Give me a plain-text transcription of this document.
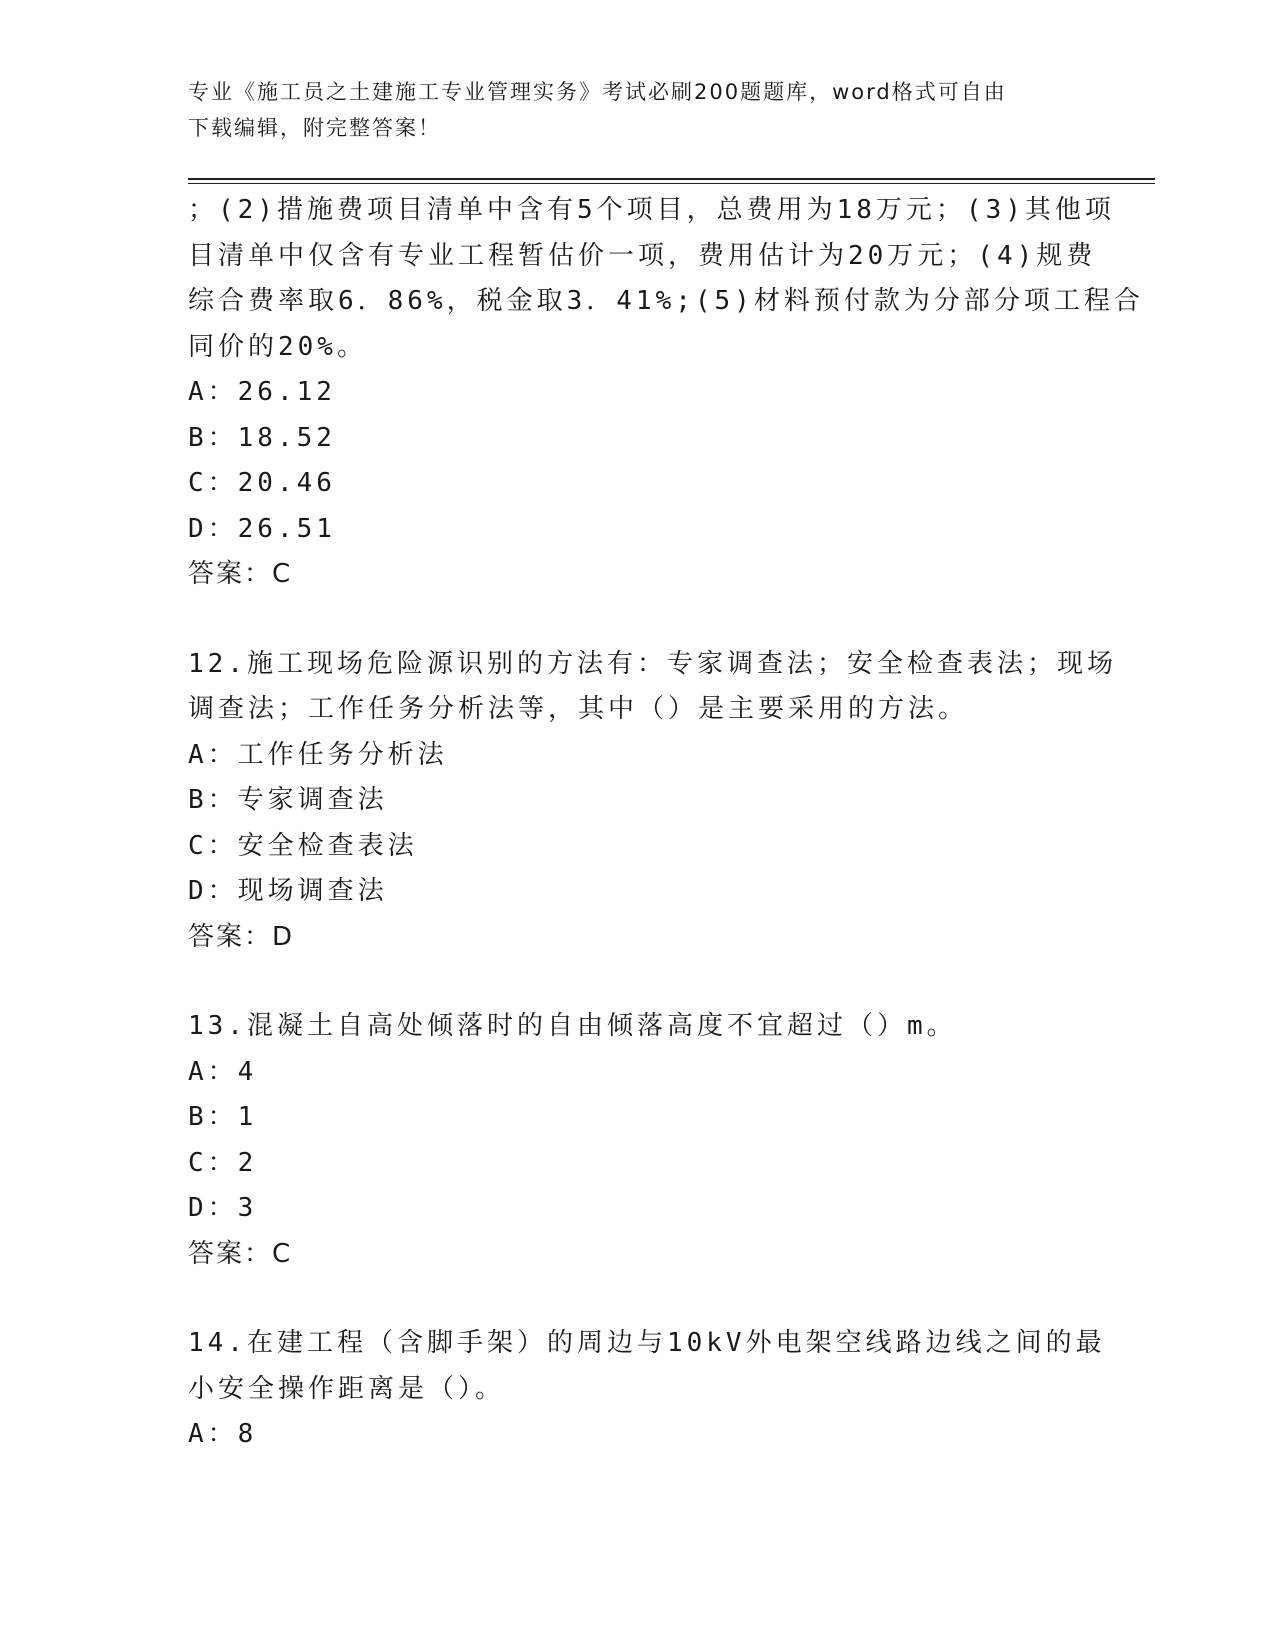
专业《施工员之土建施工专业管理实务》考试必刷200题题库，word格式可自由
下载编辑，附完整答案！
；(2)措施费项目清单中含有5个项目，总费用为18万元；(3)其他项
目清单中仅含有专业工程暂估价一项，费用估计为20万元；(4)规费
综合费率取6．86%，税金取3．41%;(5)材料预付款为分部分项工程合
同价的20%。
A：26.12
B：18.52
C：20.46
D：26.51
答案：C
12.施工现场危险源识别的方法有：专家调查法；安全检查表法；现场
调查法；工作任务分析法等，其中（）是主要采用的方法。
A：工作任务分析法
B：专家调查法
C：安全检查表法
D：现场调查法
答案：D
13.混凝土自高处倾落时的自由倾落高度不宜超过（）m。
A：4
B：1
C：2
D：3
答案：C
14.在建工程（含脚手架）的周边与10kV外电架空线路边线之间的最
小安全操作距离是（）。
A：8
